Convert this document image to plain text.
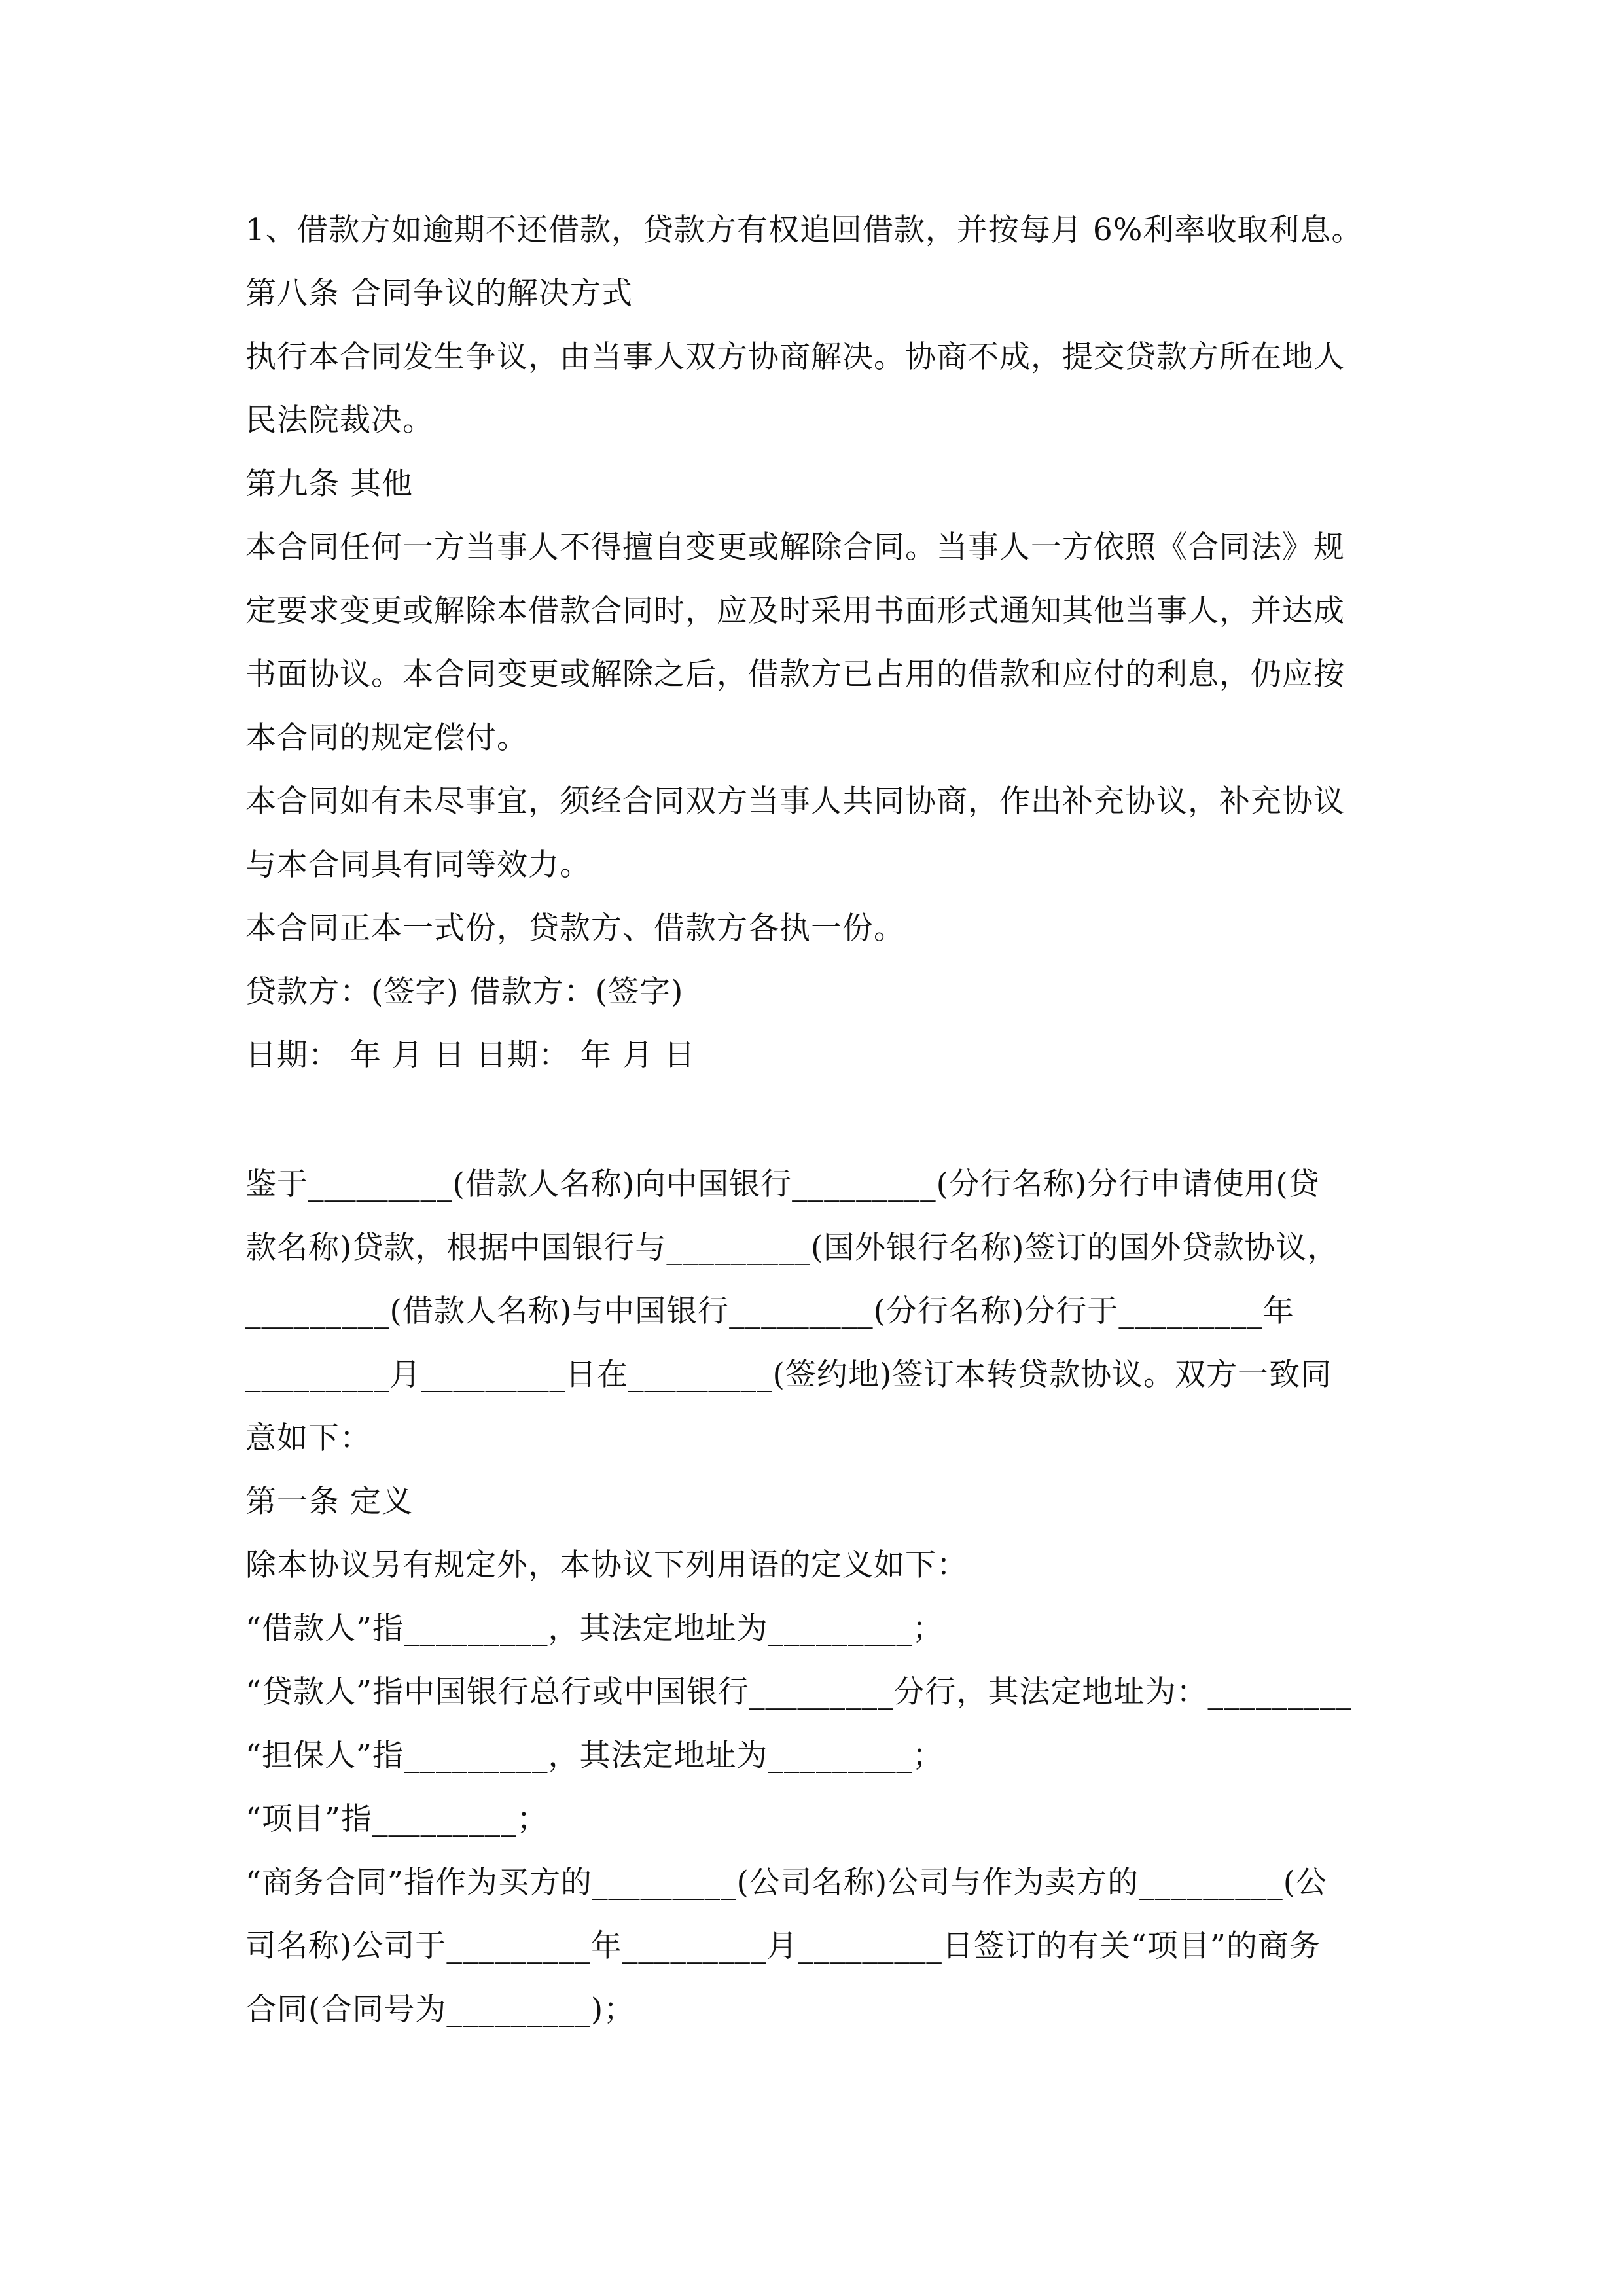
1、借款方如逾期不还借款，贷款方有权追回借款，并按每月 6%利率收取利息。
第八条 合同争议的解决方式
执行本合同发生争议，由当事人双方协商解决。协商不成，提交贷款方所在地人
民法院裁决。
第九条 其他
本合同任何一方当事人不得擅自变更或解除合同。当事人一方依照《合同法》规
定要求变更或解除本借款合同时，应及时采用书面形式通知其他当事人，并达成
书面协议。本合同变更或解除之后，借款方已占用的借款和应付的利息，仍应按
本合同的规定偿付。
本合同如有未尽事宜，须经合同双方当事人共同协商，作出补充协议，补充协议
与本合同具有同等效力。
本合同正本一式份，贷款方、借款方各执一份。
贷款方：(签字) 借款方：(签字)
日期： 年 月 日 日期： 年 月 日
鉴于_________(借款人名称)向中国银行_________(分行名称)分行申请使用(贷
款名称)贷款，根据中国银行与_________(国外银行名称)签订的国外贷款协议，
_________(借款人名称)与中国银行_________(分行名称)分行于_________年
_________月_________日在_________(签约地)签订本转贷款协议。双方一致同
意如下：
第一条 定义
除本协议另有规定外，本协议下列用语的定义如下：
“借款人”指_________，其法定地址为_________；
“贷款人”指中国银行总行或中国银行_________分行，其法定地址为：_________
“担保人”指_________，其法定地址为_________；
“项目”指_________；
“商务合同”指作为买方的_________(公司名称)公司与作为卖方的_________(公
司名称)公司于_________年_________月_________日签订的有关“项目”的商务
合同(合同号为_________)；
